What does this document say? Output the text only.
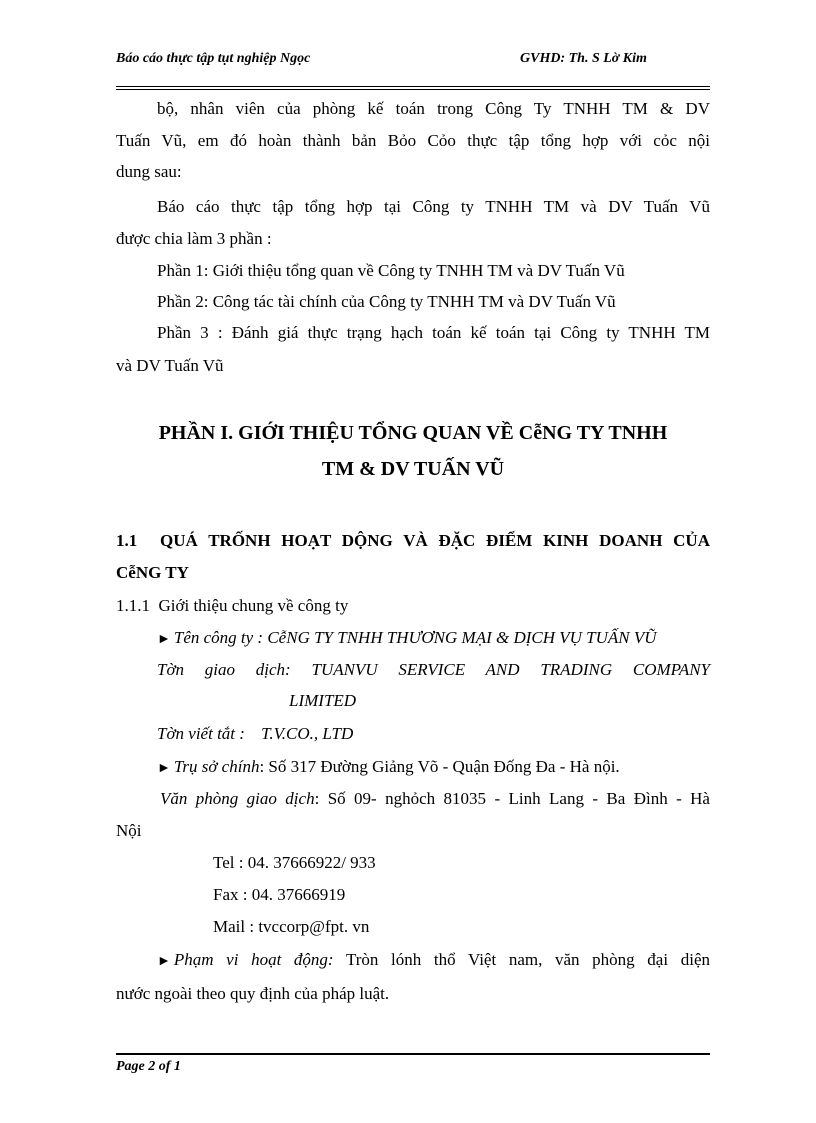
Báo cáo thực tập tụt nghiệp Ngọc	GVHD: Th. S Lờ Kim
bộ, nhân viên của phòng kế toán trong Công Ty TNHH TM & DV
Tuấn Vũ, em đó hoàn thành bản Bỏo Cỏo thực tập tổng hợp với cỏc nội
dung sau:
Báo cáo thực tập tổng hợp tại Công ty TNHH TM và DV Tuấn Vũ
được chia làm 3 phần :
Phần 1: Giới thiệu tổng quan về Công ty TNHH TM và DV Tuấn Vũ
Phần 2: Công tác tài chính của Công ty TNHH TM và DV Tuấn Vũ
Phần 3 : Đánh giá thực trạng hạch toán kế toán tại Công ty TNHH TM
và DV Tuấn Vũ
PHẦN I. GIỚI THIỆU TỔNG QUAN VỀ CễNG TY TNHH
TM & DV TUẤN VŨ
1.1 QUÁ TRỐNH HOẠT DỘNG VÀ ĐẶC ĐIỂM KINH DOANH CỦA
CễNG TY
1.1.1  Giới thiệu chung về công ty
► Tên công ty : CễNG TY TNHH THƯƠNG MẠI & DỊCH VỤ TUẤN VŨ
Tờn giao dịch: TUANVU SERVICE AND TRADING COMPANY
LIMITED
Tờn viết tắt : T.V.CO., LTD
► Trụ sở chính: Số 317 Đường Giảng Võ - Quận Đống Đa - Hà nội.
Văn phòng giao dịch: Số 09- nghỏch 81035 - Linh Lang - Ba Đình - Hà
Nội
Tel : 04. 37666922/ 933
Fax : 04. 37666919
Mail : tvccorp@fpt. vn
► Phạm vi hoạt động: Tròn lónh thổ Việt nam, văn phòng đại diện
nước ngoài theo quy định của pháp luật.
Page 2 of 1
